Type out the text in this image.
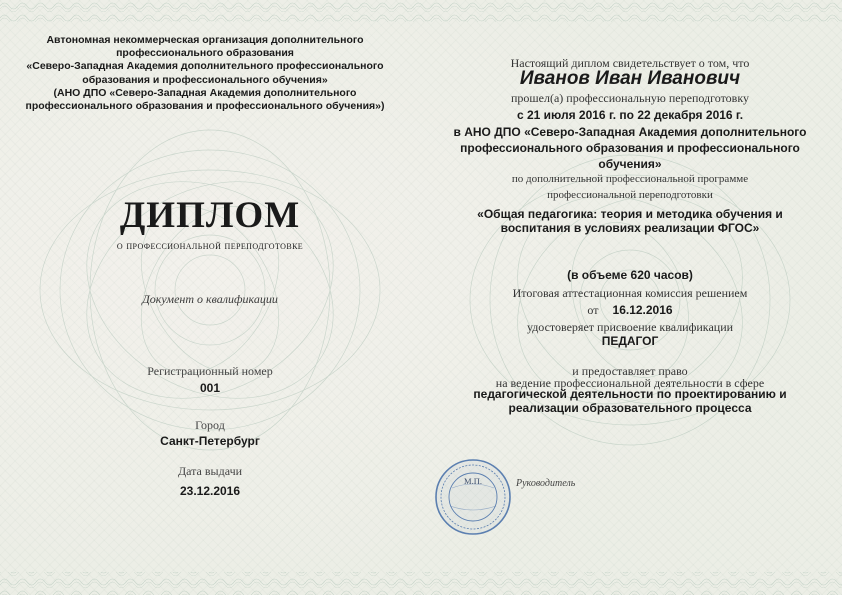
Автономная некоммерческая организация дополнительного
профессионального образования
«Северо-Западная Академия дополнительного профессионального
образования и профессионального обучения»
(АНО ДПО «Северо-Западная Академия дополнительного
профессионального образования и профессионального обучения»)
ДИПЛОМ
о профессиональной переподготовке
Документ о квалификации
Регистрационный номер
001
Город
Санкт-Петербург
Дата выдачи
23.12.2016
Настоящий диплом свидетельствует о том, что
Иванов Иван Иванович
прошел(а) профессиональную переподготовку
с 21 июля 2016 г. по 22 декабря 2016 г.
в АНО ДПО «Северо-Западная Академия дополнительного
профессионального образования и профессионального
обучения»
по дополнительной профессиональной программе
профессиональной переподготовки
«Общая педагогика: теория и методика обучения и
воспитания в условиях реализации ФГОС»
(в объеме 620 часов)
Итоговая аттестационная комиссия решением
от 16.12.2016
удостоверяет присвоение квалификации
ПЕДАГОГ
и предоставляет право
на ведение профессиональной деятельности в сфере
педагогической деятельности по проектированию и
реализации образовательного процесса
М.П.	Руководитель
